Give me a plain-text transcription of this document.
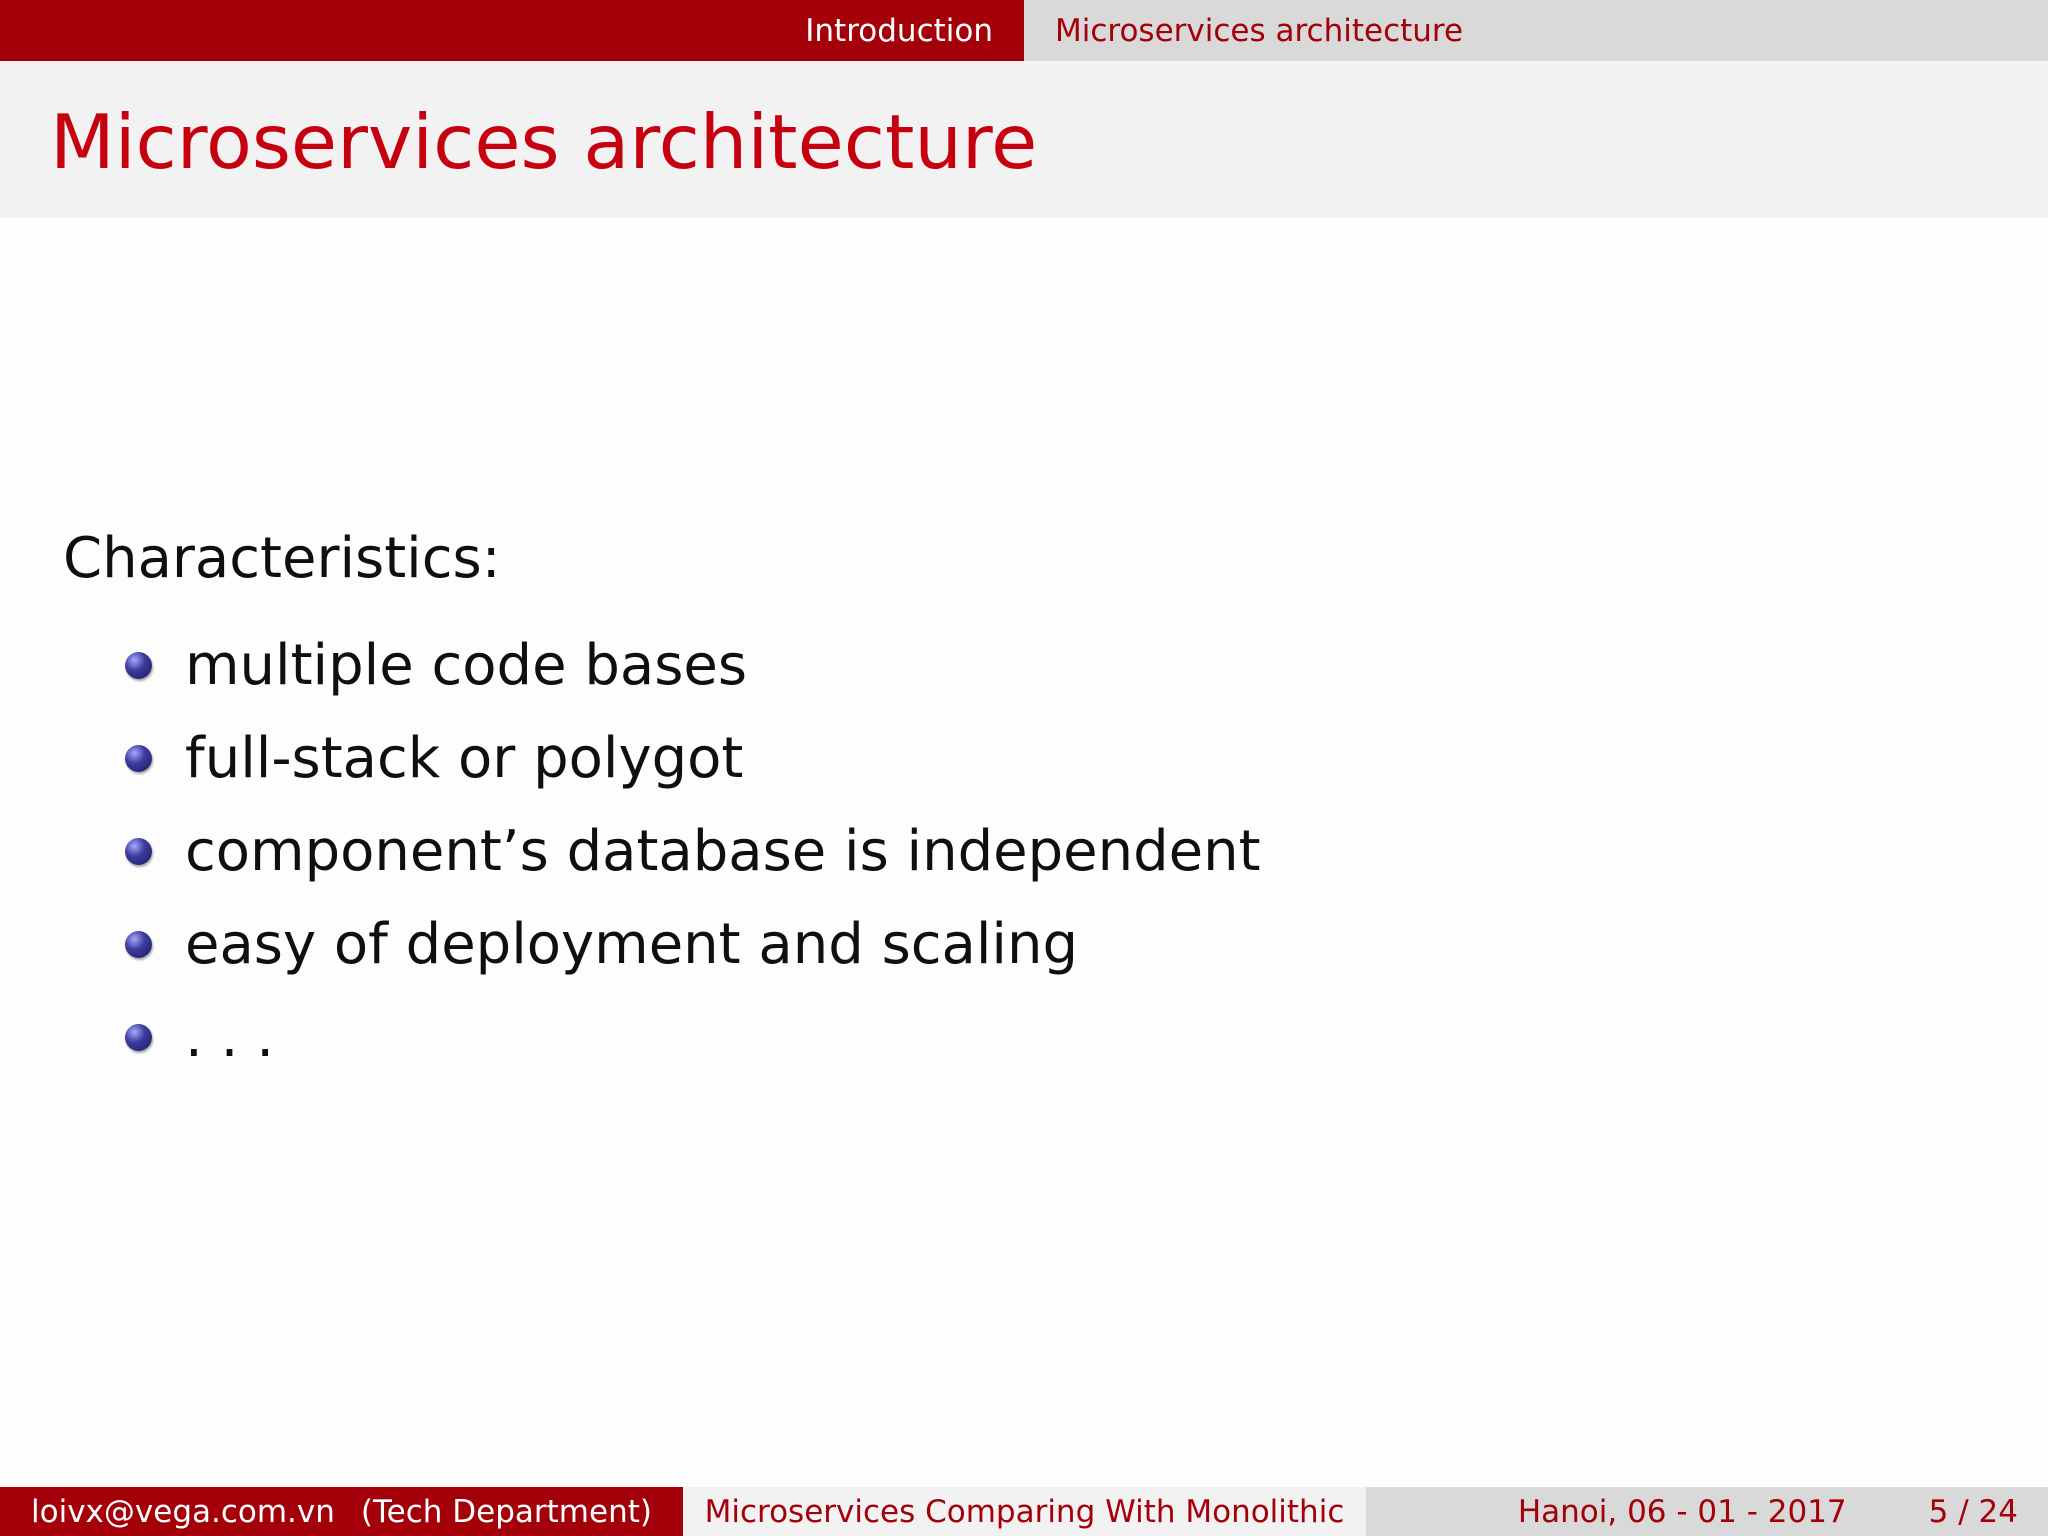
Introduction Microservices architecture
Microservices architecture
Characteristics:
multiple code bases
full-stack or polygot
component’s database is independent
easy of deployment and scaling
. . .
loivx@vega.com.vn (Tech Department) Microservices Comparing With Monolithic	Hanoi, 06 - 01 - 2017	5 / 24
